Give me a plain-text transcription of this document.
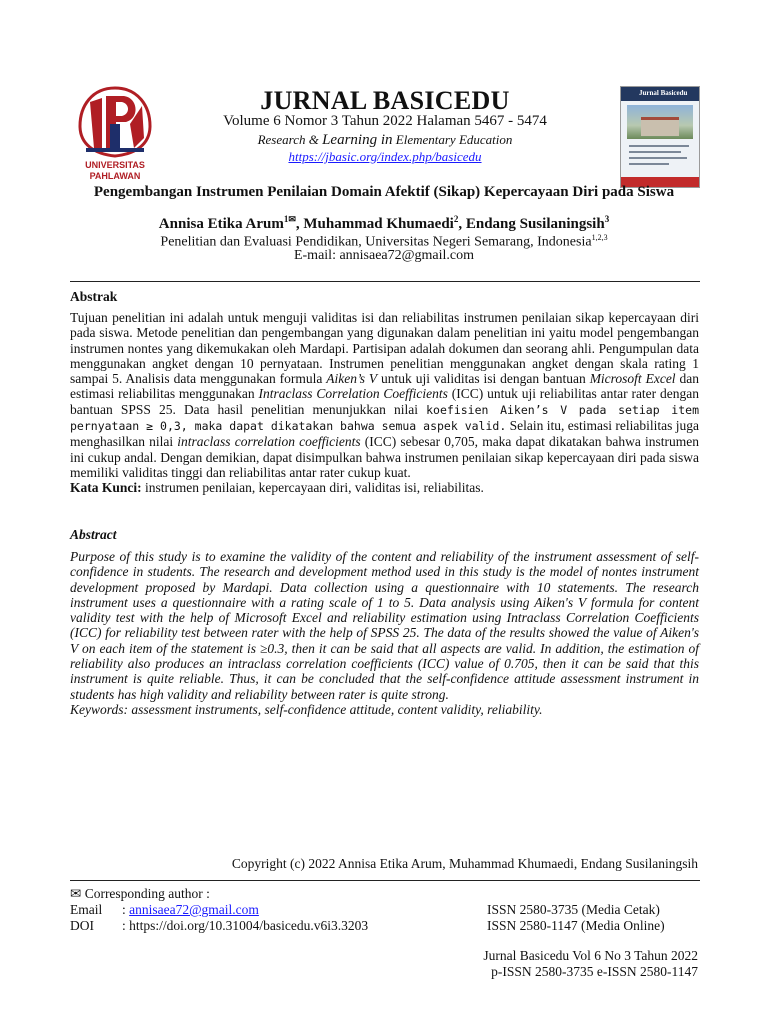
UNIVERSITAS
PAHLAWAN
Jurnal Basicedu
JURNAL BASICEDU
Volume 6 Nomor 3 Tahun 2022 Halaman 5467 - 5474
Research & Learning in Elementary Education
https://jbasic.org/index.php/basicedu
Pengembangan Instrumen Penilaian Domain Afektif (Sikap) Kepercayaan Diri pada Siswa
Annisa Etika Arum$^{1✉}$, Muhammad Khumaedi$^2$, Endang Susilaningsih$^3$
Penelitian dan Evaluasi Pendidikan, Universitas Negeri Semarang, Indonesia$^{1,2,3}$
E-mail: annisaea72@gmail.com
Abstrak
Tujuan penelitian ini adalah untuk menguji validitas isi dan reliabilitas instrumen penilaian sikap kepercayaan diri pada siswa. Metode penelitian dan pengembangan yang digunakan dalam penelitian ini yaitu model pengembangan instrumen nontes yang dikemukakan oleh Mardapi. Partisipan adalah dokumen dan seorang ahli. Pengumpulan data menggunakan angket dengan 10 pernyataan. Instrumen penelitian menggunakan angket dengan skala rating 1 sampai 5. Analisis data menggunakan formula Aiken’s V untuk uji validitas isi dengan bantuan Microsoft Excel dan estimasi reliabilitas menggunakan Intraclass Correlation Coefficients (ICC) untuk uji reliabilitas antar rater dengan bantuan SPSS 25. Data hasil penelitian menunjukkan nilai koefisien Aiken’s V pada setiap item pernyataan ≥ 0,3, maka dapat dikatakan bahwa semua aspek valid. Selain itu, estimasi reliabilitas juga menghasilkan nilai intraclass correlation coefficients (ICC) sebesar 0,705, maka dapat dikatakan bahwa instrumen ini cukup andal. Dengan demikian, dapat disimpulkan bahwa instrumen penilaian sikap kepercayaan diri pada siswa memiliki validitas tinggi dan reliabilitas antar rater cukup kuat.
Kata Kunci: instrumen penilaian, kepercayaan diri, validitas isi, reliabilitas.
Abstract
Purpose of this study is to examine the validity of the content and reliability of the instrument assessment of self-confidence in students. The research and development method used in this study is the model of nontes instrument development proposed by Mardapi. Data collection using a questionnaire with 10 statements. The research instrument uses a questionnaire with a rating scale of 1 to 5. Data analysis using Aiken's V formula for content validity test with the help of Microsoft Excel and reliability estimation using Intraclass Correlation Coefficients (ICC) for reliability test between rater with the help of SPSS 25. The data of the results showed the value of Aiken's V on each item of the statement is ≥0.3, then it can be said that all aspects are valid. In addition, the estimation of reliability also produces an intraclass correlation coefficients (ICC) value of 0.705, then it can be said that this instrument is quite reliable. Thus, it can be concluded that the self-confidence attitude assessment instrument in students has high validity and reliability between rater is quite strong.
Keywords: assessment instruments, self-confidence attitude, content validity, reliability.
Copyright (c) 2022 Annisa Etika Arum, Muhammad Khumaedi, Endang Susilaningsih
✉ Corresponding author :
Email : annisaea72@gmail.com
DOI : https://doi.org/10.31004/basicedu.v6i3.3203
ISSN 2580-3735 (Media Cetak)
ISSN 2580-1147 (Media Online)
Jurnal Basicedu Vol 6 No 3 Tahun 2022
p-ISSN 2580-3735 e-ISSN 2580-1147
